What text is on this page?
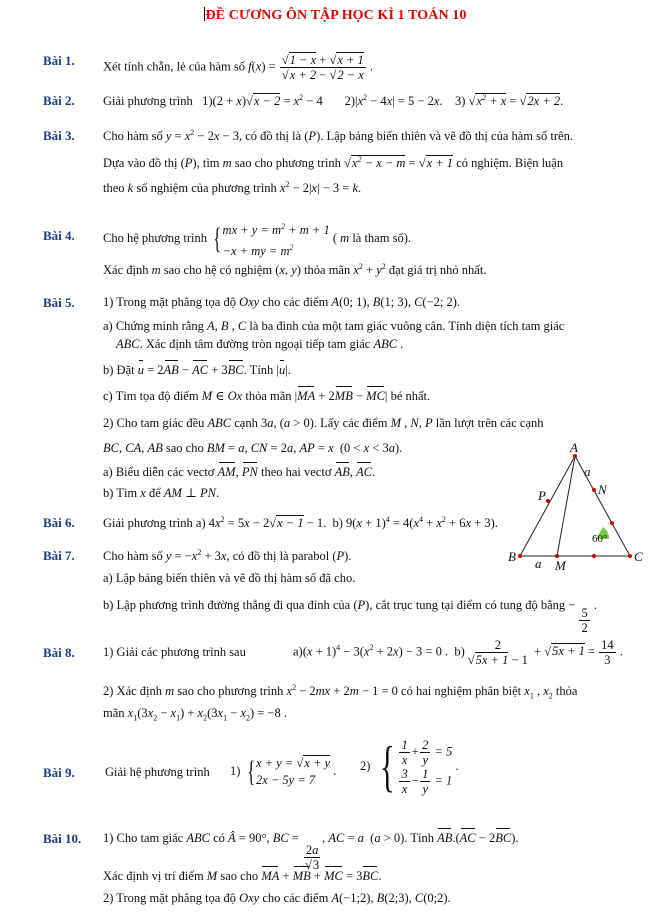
ĐỀ CƯƠNG ÔN TẬP HỌC KÌ 1 TOÁN 10
Bài 1. Xét tính chẵn, lẻ của hàm số $f(x) = \frac{√1 - x + √x + 1}{√x + 2 - √2 - x}$ .
Bài 2. Giải phương trình   $1)(2 + x)√x - 2 = x^2 - 4$       $2)|x^2 - 4x| = 5 - 2x$.    3) $√x^2 + x = √2x + 2$.
Bài 3. Cho hàm số $y = x^2 - 2x - 3$, có đồ thị là (P). Lập bảng biến thiên và vẽ đồ thị của hàm số trên.
Dựa vào đồ thị (P), tìm m sao cho phương trình $√x^2 - x - m = √x + 1$ có nghiệm. Biện luận
theo k số nghiệm của phương trình $x^2 - 2|x| - 3 = k$.
Bài 4. Cho hệ phương trình { mx + $y = m^2 + m + 1$
−x + my = $m^2$
( m là tham số).
Xác định m sao cho hệ có nghiệm (x, y) thỏa mãn $x^2 + y^2$ đạt giá trị nhỏ nhất.
Bài 5. 1) Trong mặt phẳng tọa độ Oxy cho các điểm A(0; 1), B(1; 3), C(−2; 2).
a) Chứng minh rằng A, B , C là ba đỉnh của một tam giác vuông cân. Tính diện tích tam giác
ABC. Xác định tâm đường tròn ngoại tiếp tam giác ABC .
b) Đặt u = 2AB − AC + 3BC. Tính |u|.
c) Tìm tọa độ điểm M ∈ Ox thỏa mãn |MA + 2MB − MC| bé nhất.
2) Cho tam giác đều ABC cạnh 3a, (a > 0). Lấy các điểm M , N, P lần lượt trên các cạnh
BC, CA, AB sao cho BM = a, CN = 2a, AP = x  (0 < x < 3a).
a) Biểu diễn các vectơ AM, PN theo hai vectơ AB, AC.
b) Tìm x để AM ⊥ PN.
Bài 6. Giải phương trình a) $4x^2 = 5x - 2√x - 1 - 1$.  b) $9(x + 1)^4 = 4(x^4 + x^2 + 6x + 3)$.
Bài 7. Cho hàm số $y = -x^2 + 3x$, có đồ thị là parabol (P).
a) Lập bảng biến thiên và vẽ đồ thị hàm số đã cho.
b) Lập phương trình đường thẳng đi qua đỉnh của (P), cắt trục tung tại điểm có tung độ bằng −
$\frac{5}{2}$
.
Bài 8. 1) Giải các phương trình sau	$a)(x + 1)^4 - 3(x^2 + 2x) - 3 = 0$ .  $b) \frac{2}{√5x + 1 - 1} + √5x + 1 = \frac{14}{3}$ .
2) Xác định m sao cho phương trình $x^2 - 2mx + 2m - 1 = 0$ có hai nghiệm phân biệt $x_1$ , $x_2$ thỏa
mãn $x_1(3x_2 - x_1) + x_2(3x_1 - x_2) = -8$ .
Bài 9. Giải hệ phương trình 1) { x + y = √x + y
2x − 5y = 7
. 2) { $\frac{1}{x} + \frac{2}{y} = 5$
$\frac{3}{x} - \frac{1}{y} = 1$
.
Bài 10. 1) Cho tam giác ABC có Â = 90°, BC =
$\frac{2a}{√3}$
, AC = a  (a > 0). Tính AB.(AC − 2BC).
Xác định vị trí điểm M sao cho MA + MB + MC = 3BC.
2) Trong mặt phẳng tọa độ Oxy cho các điểm A(−1;2), B(2;3), C(0;2).
A
B	C
M
N
P
a
a
60°
